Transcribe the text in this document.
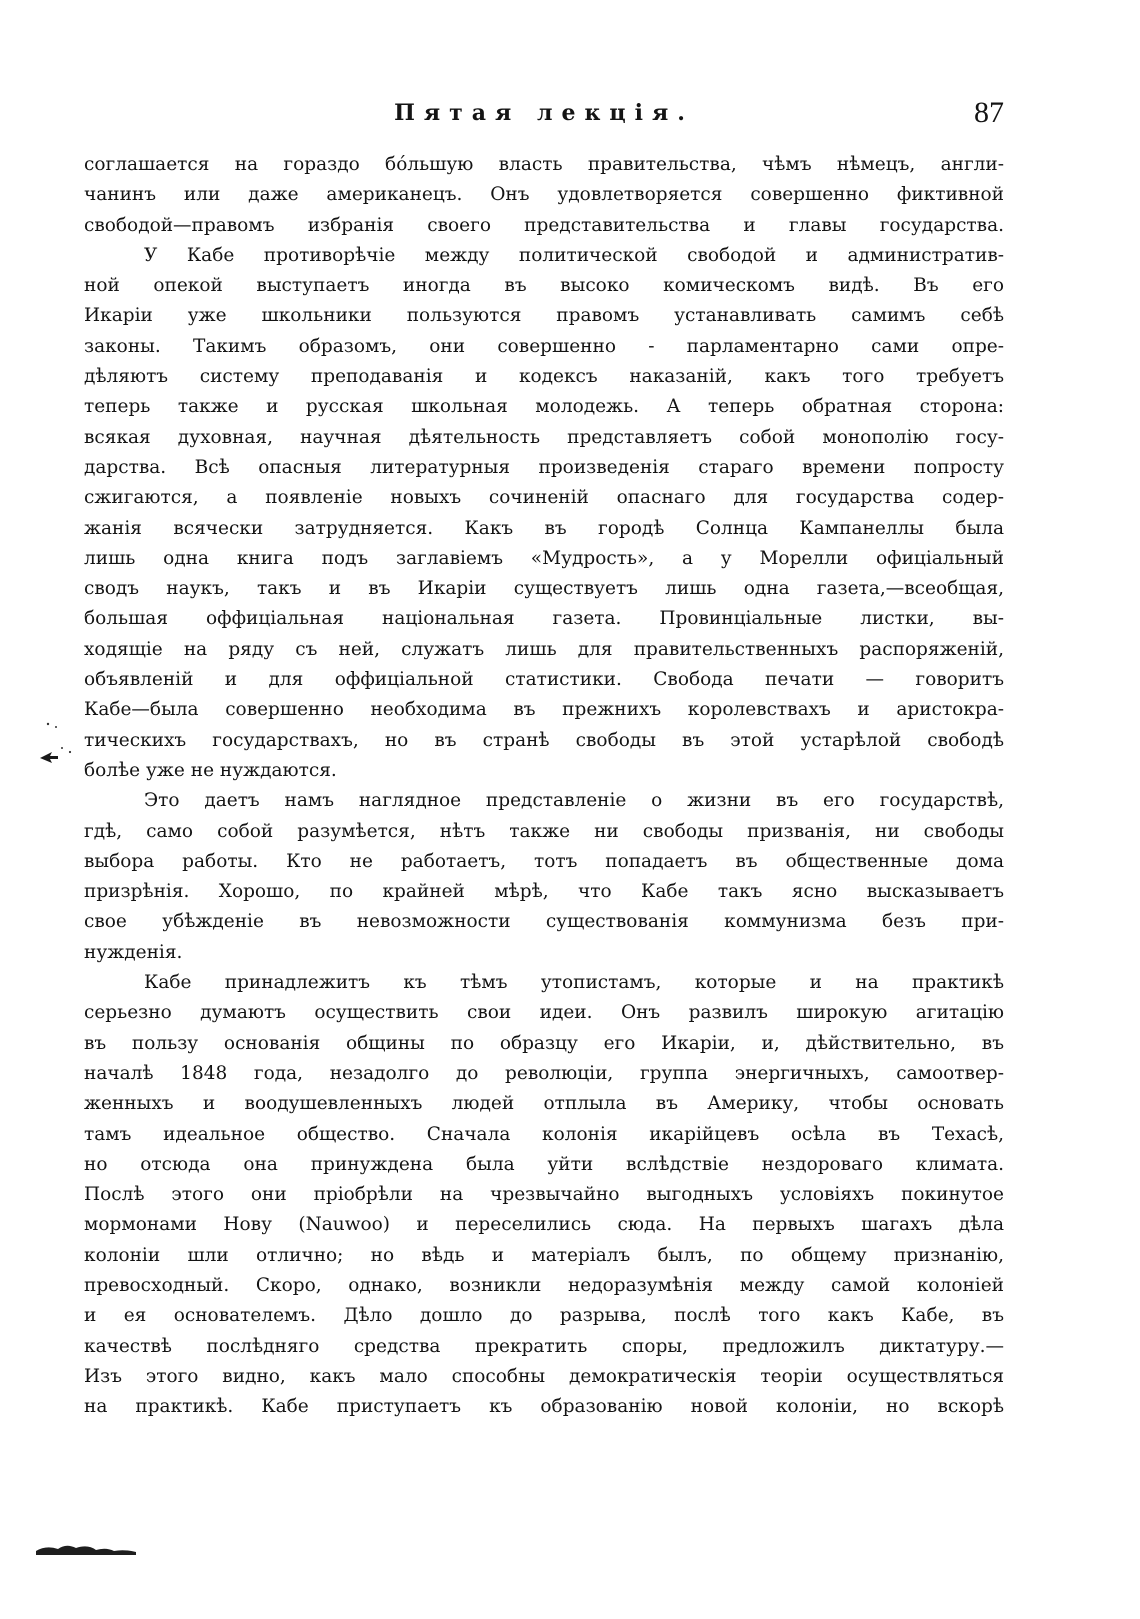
Пятая лекція.	87
соглашается на гораздо бо́льшую власть правительства, чѣмъ нѣмецъ, англи-
чанинъ или даже американецъ. Онъ удовлетворяется совершенно фиктивной
свободой—правомъ избранія своего представительства и главы государства.
У Кабе противорѣчіе между политической свободой и административ-
ной опекой выступаетъ иногда въ высоко комическомъ видѣ. Въ его
Икаріи уже школьники пользуются правомъ устанавливать самимъ себѣ
законы. Такимъ образомъ, они совершенно - парламентарно сами опре-
дѣляютъ систему преподаванія и кодексъ наказаній, какъ того требуетъ
теперь также и русская школьная молодежь. А теперь обратная сторона:
всякая духовная, научная дѣятельность представляетъ собой монополію госу-
дарства. Всѣ опасныя литературныя произведенія стараго времени попросту
сжигаются, а появленіе новыхъ сочиненій опаснаго для государства содер-
жанія всячески затрудняется. Какъ въ городѣ Солнца Кампанеллы была
лишь одна книга подъ заглавіемъ «Мудрость», а у Морелли офиціальный
сводъ наукъ, такъ и въ Икаріи существуетъ лишь одна газета,—всеобщая,
большая оффиціальная національная газета. Провинціальные листки, вы-
ходящіе на ряду съ ней, служатъ лишь для правительственныхъ распоряженій,
объявленій и для оффиціальной статистики. Свобода печати — говоритъ
Кабе—была совершенно необходима въ прежнихъ королевствахъ и аристокра-
тическихъ государствахъ, но въ странѣ свободы въ этой устарѣлой свободѣ
болѣе уже не нуждаются.
Это даетъ намъ наглядное представленіе о жизни въ его государствѣ,
гдѣ, само собой разумѣется, нѣтъ также ни свободы призванія, ни свободы
выбора работы. Кто не работаетъ, тотъ попадаетъ въ общественные дома
призрѣнія. Хорошо, по крайней мѣрѣ, что Кабе такъ ясно высказываетъ
свое убѣжденіе въ невозможности существованія коммунизма безъ при-
нужденія.
Кабе принадлежитъ къ тѣмъ утопистамъ, которые и на практикѣ
серьезно думаютъ осуществить свои идеи. Онъ развилъ широкую агитацію
въ пользу основанія общины по образцу его Икаріи, и, дѣйствительно, въ
началѣ 1848 года, незадолго до революціи, группа энергичныхъ, самоотвер-
женныхъ и воодушевленныхъ людей отплыла въ Америку, чтобы основать
тамъ идеальное общество. Сначала колонія икарійцевъ осѣла въ Техасѣ,
но отсюда она принуждена была уйти вслѣдствіе нездороваго климата.
Послѣ этого они пріобрѣли на чрезвычайно выгодныхъ условіяхъ покинутое
мормонами Нову (Nauwoo) и переселились сюда. На первыхъ шагахъ дѣла
колоніи шли отлично; но вѣдь и матеріалъ былъ, по общему признанію,
превосходный. Скоро, однако, возникли недоразумѣнія между самой колоніей
и ея основателемъ. Дѣло дошло до разрыва, послѣ того какъ Кабе, въ
качествѣ послѣдняго средства прекратить споры, предложилъ диктатуру.—
Изъ этого видно, какъ мало способны демократическія теоріи осуществляться
на практикѣ. Кабе приступаетъ къ образованію новой колоніи, но вскорѣ
